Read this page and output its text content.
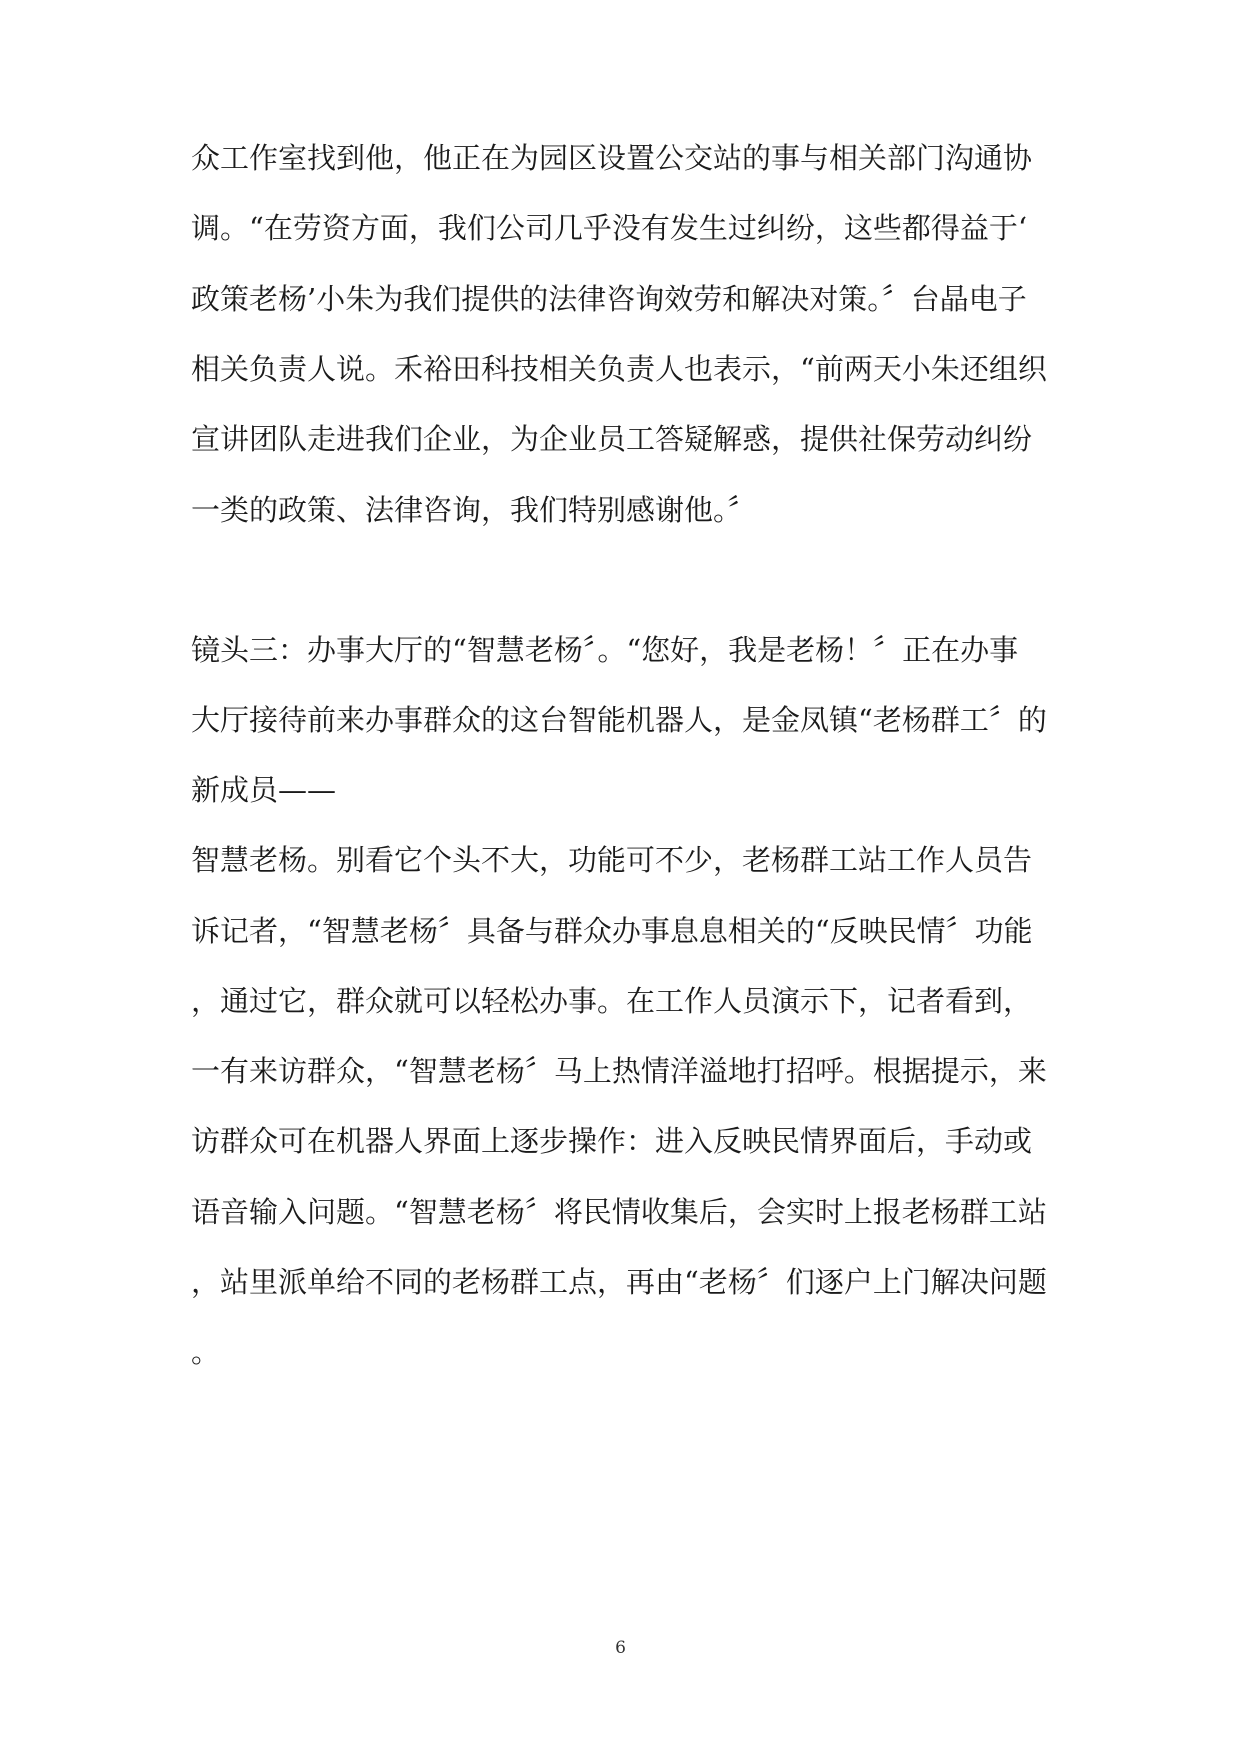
众工作室找到他，他正在为园区设置公交站的事与相关部门沟通协
调。“在劳资方面，我们公司几乎没有发生过纠纷，这些都得益于‘
政策老杨’小朱为我们提供的法律咨询效劳和解决对策。〞台晶电子
相关负责人说。禾裕田科技相关负责人也表示，“前两天小朱还组织
宣讲团队走进我们企业，为企业员工答疑解惑，提供社保劳动纠纷
一类的政策、法律咨询，我们特别感谢他。〞
镜头三：办事大厅的“智慧老杨〞。“您好，我是老杨！〞正在办事
大厅接待前来办事群众的这台智能机器人，是金凤镇“老杨群工〞的
新成员——
智慧老杨。别看它个头不大，功能可不少，老杨群工站工作人员告
诉记者，“智慧老杨〞具备与群众办事息息相关的“反映民情〞功能
，通过它，群众就可以轻松办事。在工作人员演示下，记者看到，
一有来访群众，“智慧老杨〞马上热情洋溢地打招呼。根据提示，来
访群众可在机器人界面上逐步操作：进入反映民情界面后，手动或
语音输入问题。“智慧老杨〞将民情收集后，会实时上报老杨群工站
，站里派单给不同的老杨群工点，再由“老杨〞们逐户上门解决问题
。
6
